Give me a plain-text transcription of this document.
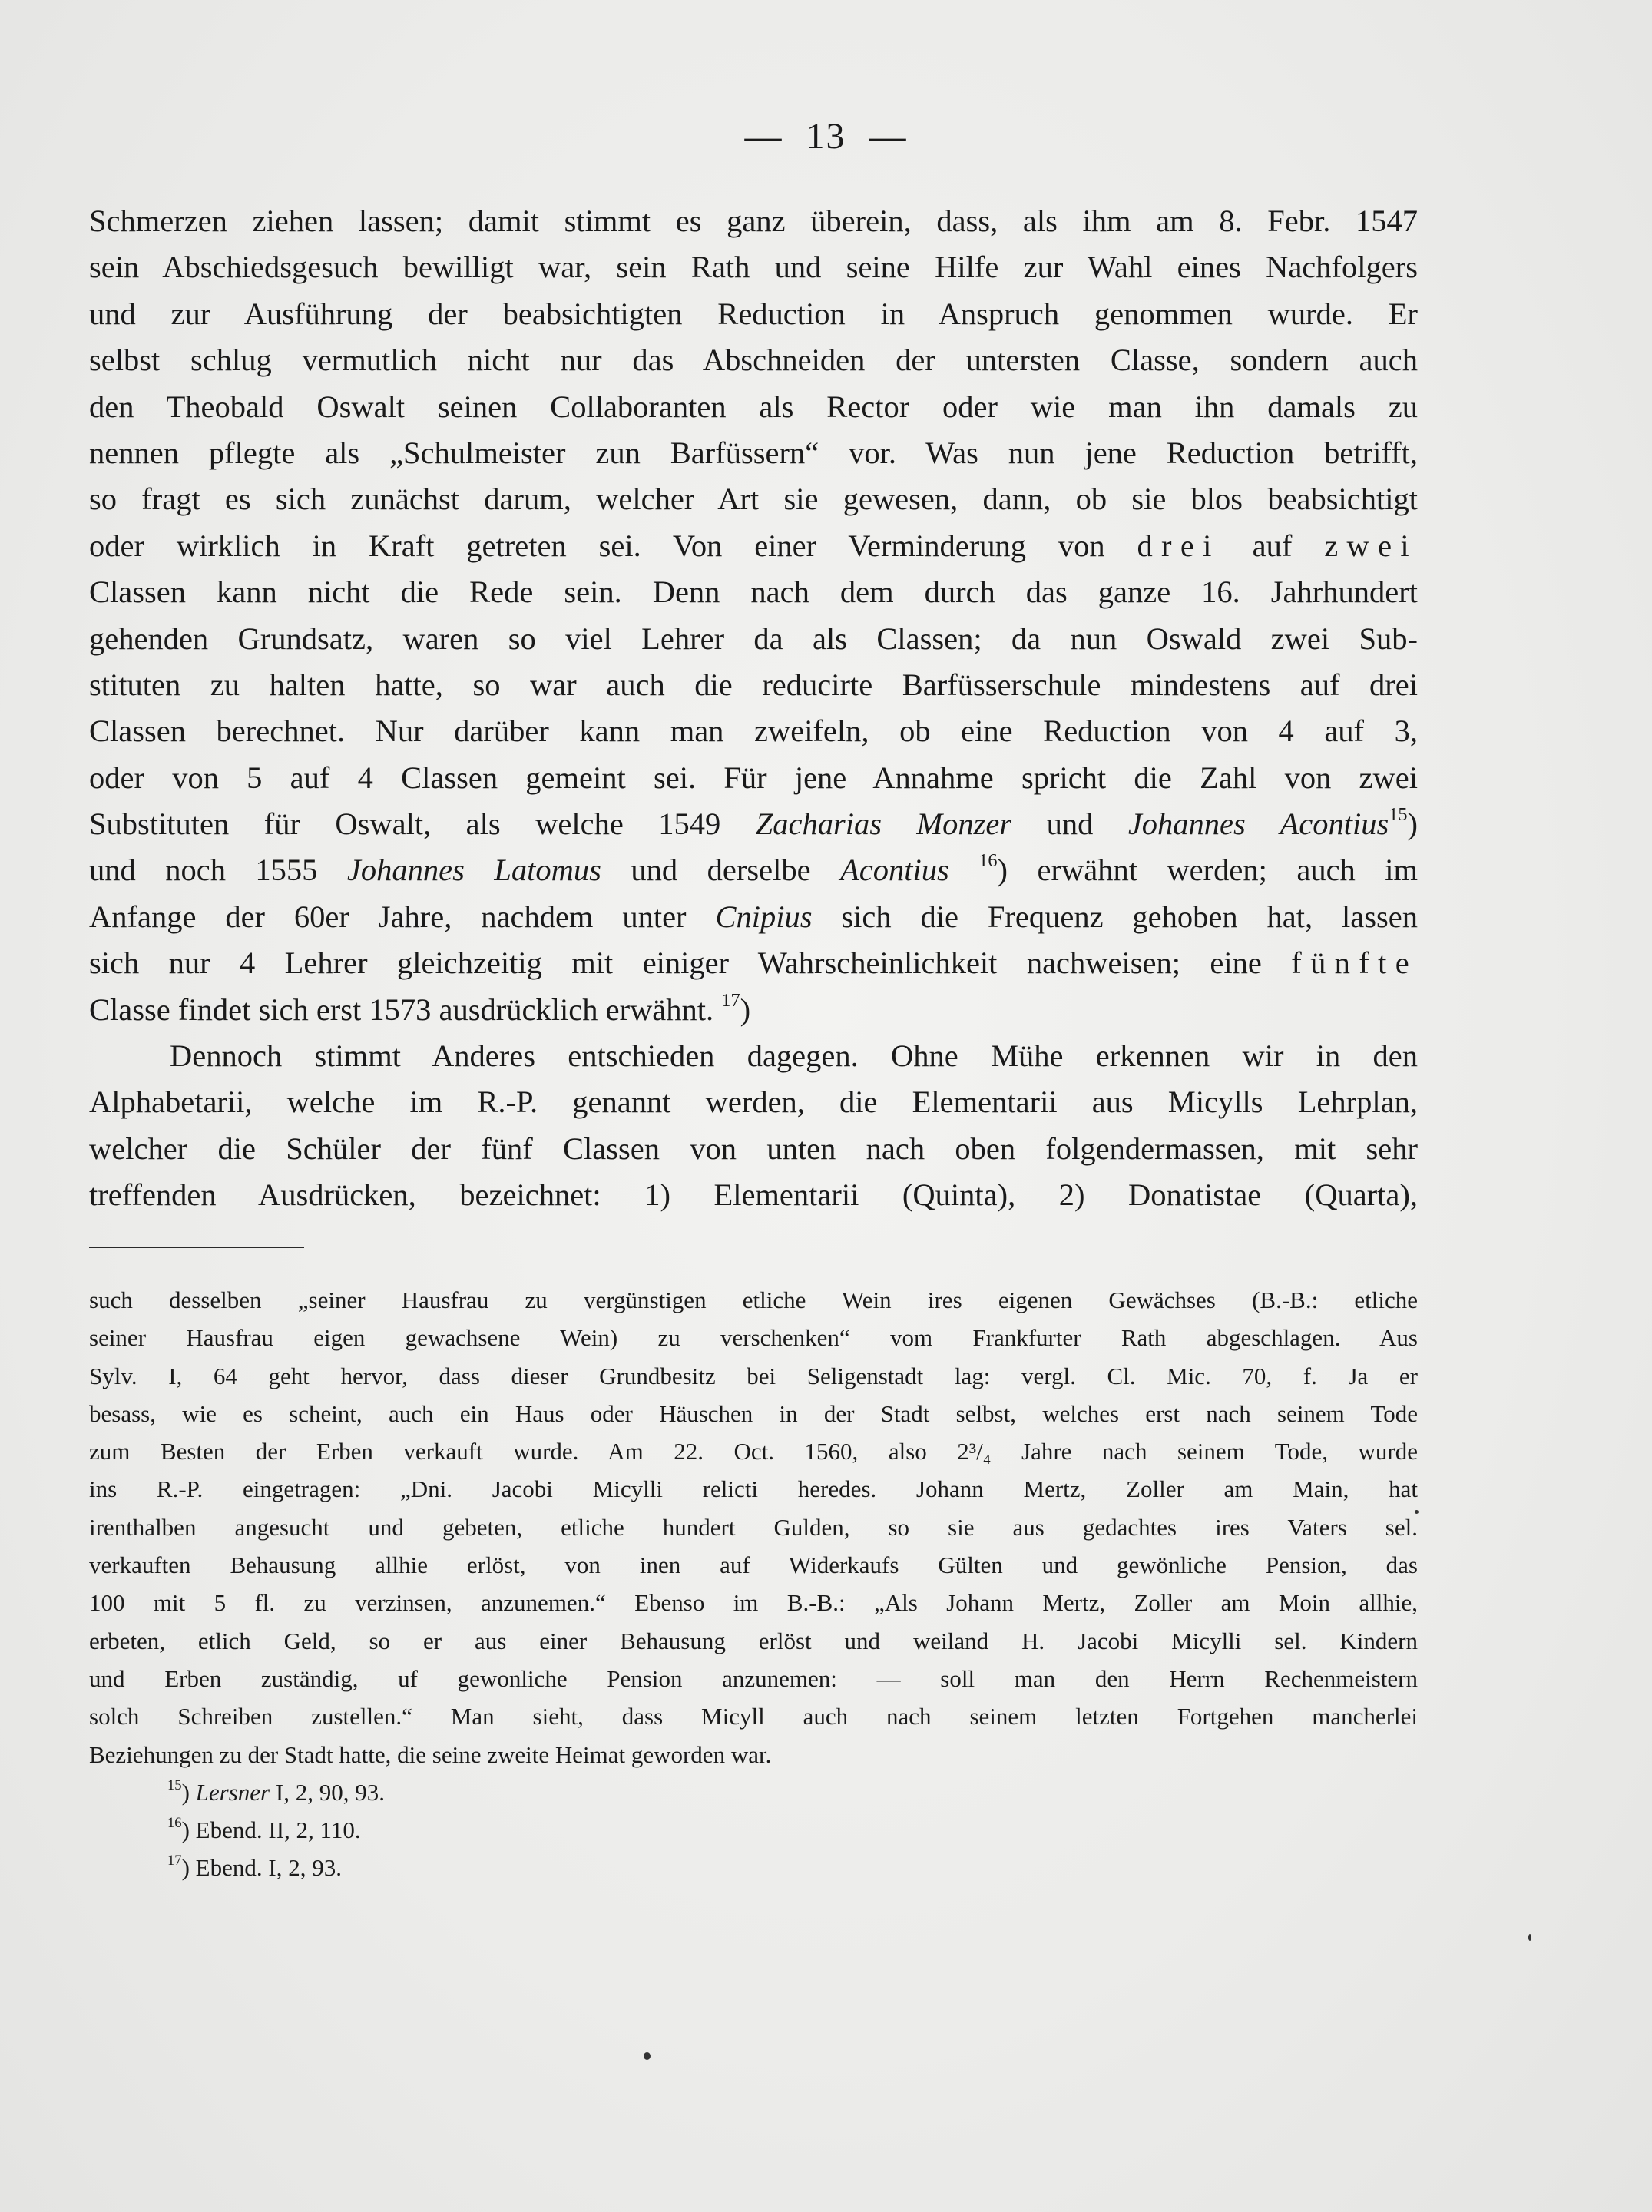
— 13 —
Schmerzen ziehen lassen; damit stimmt es ganz überein, dass, als ihm am 8. Febr. 1547
sein Abschiedsgesuch bewilligt war, sein Rath und seine Hilfe zur Wahl eines Nachfolgers
und zur Ausführung der beabsichtigten Reduction in Anspruch genommen wurde. Er
selbst schlug vermutlich nicht nur das Abschneiden der untersten Classe, sondern auch
den Theobald Oswalt seinen Collaboranten als Rector oder wie man ihn damals zu
nennen pflegte als „Schulmeister zun Barfüssern“ vor. Was nun jene Reduction betrifft,
so fragt es sich zunächst darum, welcher Art sie gewesen, dann, ob sie blos beabsichtigt
oder wirklich in Kraft getreten sei. Von einer Verminderung von drei auf zwei
Classen kann nicht die Rede sein. Denn nach dem durch das ganze 16. Jahrhundert
gehenden Grundsatz, waren so viel Lehrer da als Classen; da nun Oswald zwei Sub-
stituten zu halten hatte, so war auch die reducirte Barfüsserschule mindestens auf drei
Classen berechnet. Nur darüber kann man zweifeln, ob eine Reduction von 4 auf 3,
oder von 5 auf 4 Classen gemeint sei. Für jene Annahme spricht die Zahl von zwei
Substituten für Oswalt, als welche 1549 Zacharias Monzer und Johannes Acontius$^{15}$)
und noch 1555 Johannes Latomus und derselbe Acontius $^{16}$) erwähnt werden; auch im
Anfange der 60er Jahre, nachdem unter Cnipius sich die Frequenz gehoben hat, lassen
sich nur 4 Lehrer gleichzeitig mit einiger Wahrscheinlichkeit nachweisen; eine fünfte
Classe findet sich erst 1573 ausdrücklich erwähnt. $^{17}$)
Dennoch stimmt Anderes entschieden dagegen. Ohne Mühe erkennen wir in den
Alphabetarii, welche im R.-P. genannt werden, die Elementarii aus Micylls Lehrplan,
welcher die Schüler der fünf Classen von unten nach oben folgendermassen, mit sehr
treffenden Ausdrücken, bezeichnet: 1) Elementarii (Quinta), 2) Donatistae (Quarta),
such desselben „seiner Hausfrau zu vergünstigen etliche Wein ires eigenen Gewächses (B.-B.: etliche
seiner Hausfrau eigen gewachsene Wein) zu verschenken“ vom Frankfurter Rath abgeschlagen. Aus
Sylv. I, 64 geht hervor, dass dieser Grundbesitz bei Seligenstadt lag: vergl. Cl. Mic. 70, f. Ja er
besass, wie es scheint, auch ein Haus oder Häuschen in der Stadt selbst, welches erst nach seinem Tode
zum Besten der Erben verkauft wurde. Am 22. Oct. 1560, also 2³/₄ Jahre nach seinem Tode, wurde
ins R.-P. eingetragen: „Dni. Jacobi Micylli relicti heredes. Johann Mertz, Zoller am Main, hat
irenthalben angesucht und gebeten, etliche hundert Gulden, so sie aus gedachtes ires Vaters sel.
verkauften Behausung allhie erlöst, von inen auf Widerkaufs Gülten und gewönliche Pension, das
100 mit 5 fl. zu verzinsen, anzunemen.“ Ebenso im B.-B.: „Als Johann Mertz, Zoller am Moin allhie,
erbeten, etlich Geld, so er aus einer Behausung erlöst und weiland H. Jacobi Micylli sel. Kindern
und Erben zuständig, uf gewonliche Pension anzunemen: — soll man den Herrn Rechenmeistern
solch Schreiben zustellen.“ Man sieht, dass Micyll auch nach seinem letzten Fortgehen mancherlei
Beziehungen zu der Stadt hatte, die seine zweite Heimat geworden war.
$^{15}$) Lersner I, 2, 90, 93.
$^{16}$) Ebend. II, 2, 110.
$^{17}$) Ebend. I, 2, 93.
